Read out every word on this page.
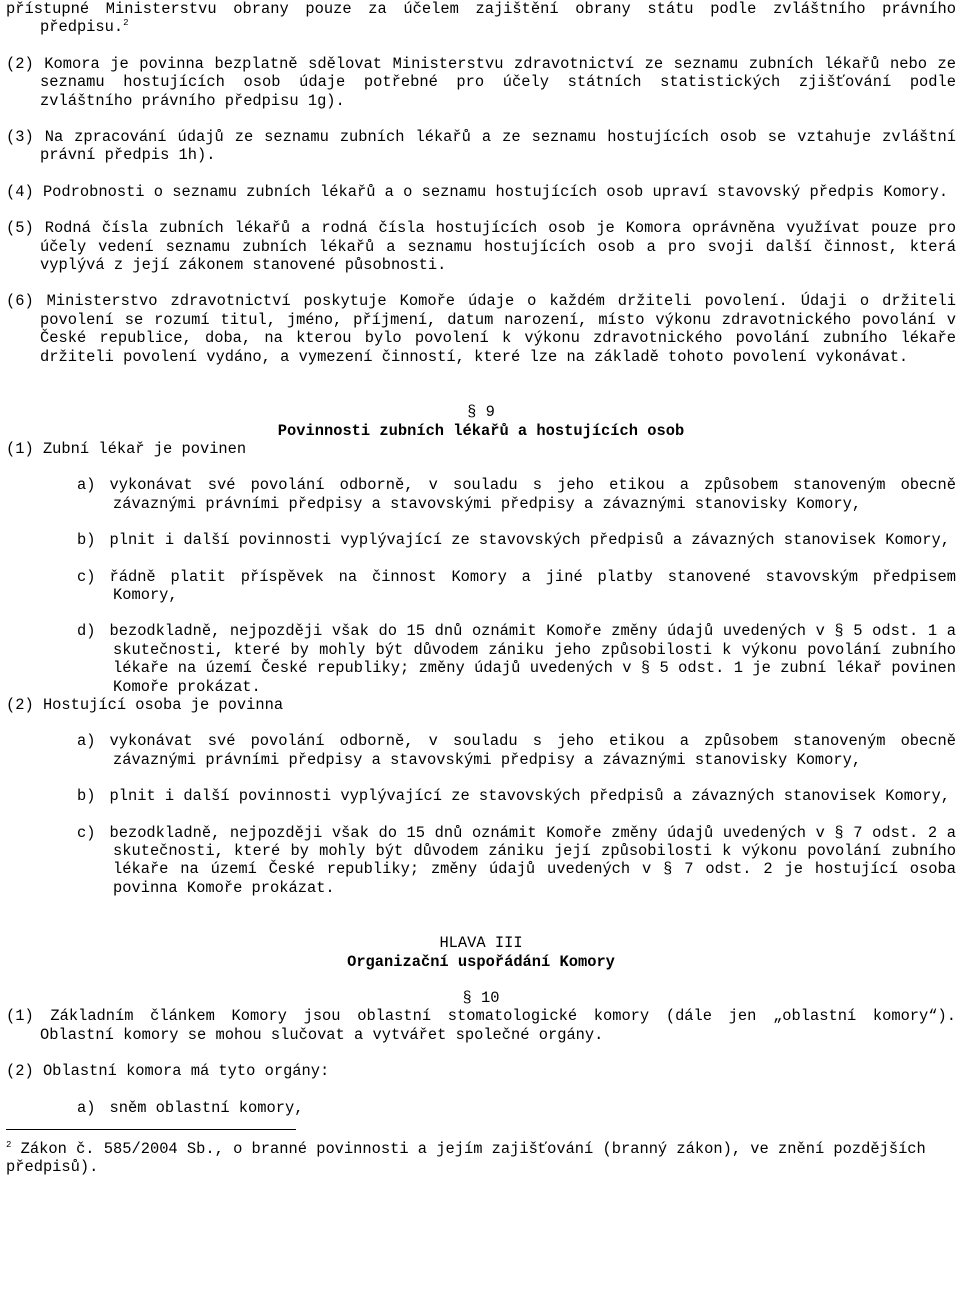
přístupné Ministerstvu obrany pouze za účelem zajištění obrany státu podle zvláštního právního předpisu.$^2$

(2) Komora je povinna bezplatně sdělovat Ministerstvu zdravotnictví ze seznamu zubních lékařů nebo ze seznamu hostujících osob údaje potřebné pro účely státních statistických zjišťování podle zvláštního právního předpisu 1g).

(3) Na zpracování údajů ze seznamu zubních lékařů a ze seznamu hostujících osob se vztahuje zvláštní právní předpis 1h).

(4) Podrobnosti o seznamu zubních lékařů a o seznamu hostujících osob upraví stavovský předpis Komory.

(5) Rodná čísla zubních lékařů a rodná čísla hostujících osob je Komora oprávněna využívat pouze pro účely vedení seznamu zubních lékařů a seznamu hostujících osob a pro svoji další činnost, která vyplývá z její zákonem stanovené působnosti.

(6) Ministerstvo zdravotnictví poskytuje Komoře údaje o každém držiteli povolení. Údaji o držiteli povolení se rozumí titul, jméno, příjmení, datum narození, místo výkonu zdravotnického povolání v České republice, doba, na kterou bylo povolení k výkonu zdravotnického povolání zubního lékaře držiteli povolení vydáno, a vymezení činností, které lze na základě tohoto povolení vykonávat.

§ 9

Povinnosti zubních lékařů a hostujících osob

(1) Zubní lékař je povinen

a) vykonávat své povolání odborně, v souladu s jeho etikou a způsobem stanoveným obecně závaznými právními předpisy a stavovskými předpisy a závaznými stanovisky Komory,

b) plnit i další povinnosti vyplývající ze stavovských předpisů a závazných stanovisek Komory,

c) řádně platit příspěvek na činnost Komory a jiné platby stanovené stavovským předpisem Komory,

d) bezodkladně, nejpozději však do 15 dnů oznámit Komoře změny údajů uvedených v § 5 odst. 1 a skutečnosti, které by mohly být důvodem zániku jeho způsobilosti k výkonu povolání zubního lékaře na území České republiky; změny údajů uvedených v § 5 odst. 1 je zubní lékař povinen Komoře prokázat.

(2) Hostující osoba je povinna

a) vykonávat své povolání odborně, v souladu s jeho etikou a způsobem stanoveným obecně závaznými právními předpisy a stavovskými předpisy a závaznými stanovisky Komory,

b) plnit i další povinnosti vyplývající ze stavovských předpisů a závazných stanovisek Komory,

c) bezodkladně, nejpozději však do 15 dnů oznámit Komoře změny údajů uvedených v § 7 odst. 2 a skutečnosti, které by mohly být důvodem zániku její způsobilosti k výkonu povolání zubního lékaře na území České republiky; změny údajů uvedených v § 7 odst. 2 je hostující osoba povinna Komoře prokázat.

HLAVA III

Organizační uspořádání Komory

§ 10

(1) Základním článkem Komory jsou oblastní stomatologické komory (dále jen „oblastní komory“). Oblastní komory se mohou slučovat a vytvářet společné orgány.

(2) Oblastní komora má tyto orgány:

a) sněm oblastní komory,

$^2$ Zákon č. 585/2004 Sb., o branné povinnosti a jejím zajišťování (branný zákon), ve znění pozdějších předpisů).
